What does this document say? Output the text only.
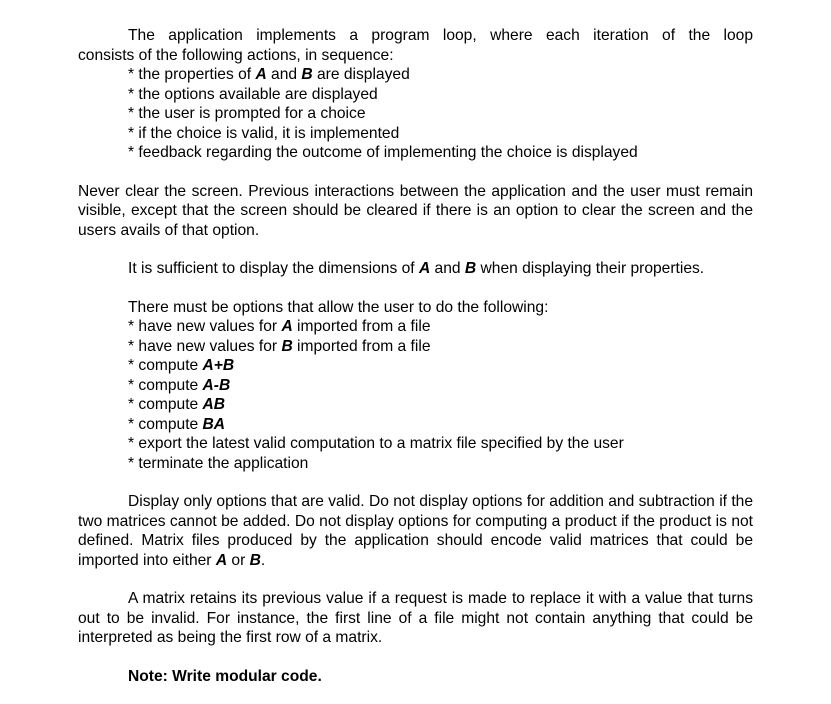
The application implements a program loop, where each iteration of the loop

consists of the following actions, in sequence:

* the properties of A and B are displayed
* the options available are displayed
* the user is prompted for a choice
* if the choice is valid, it is implemented
* feedback regarding the outcome of implementing the choice is displayed

Never clear the screen. Previous interactions between the application and the user must remain visible, except that the screen should be cleared if there is an option to clear the screen and the users avails of that option.

It is sufficient to display the dimensions of A and B when displaying their properties.

There must be options that allow the user to do the following:

* have new values for A imported from a file
* have new values for B imported from a file
* compute A+B
* compute A-B
* compute AB
* compute BA
* export the latest valid computation to a matrix file specified by the user
* terminate the application

Display only options that are valid. Do not display options for addition and subtraction if the two matrices cannot be added. Do not display options for computing a product if the product is not defined. Matrix files produced by the application should encode valid matrices that could be imported into either A or B.

A matrix retains its previous value if a request is made to replace it with a value that turns out to be invalid. For instance, the first line of a file might not contain anything that could be interpreted as being the first row of a matrix.

Note: Write modular code.
